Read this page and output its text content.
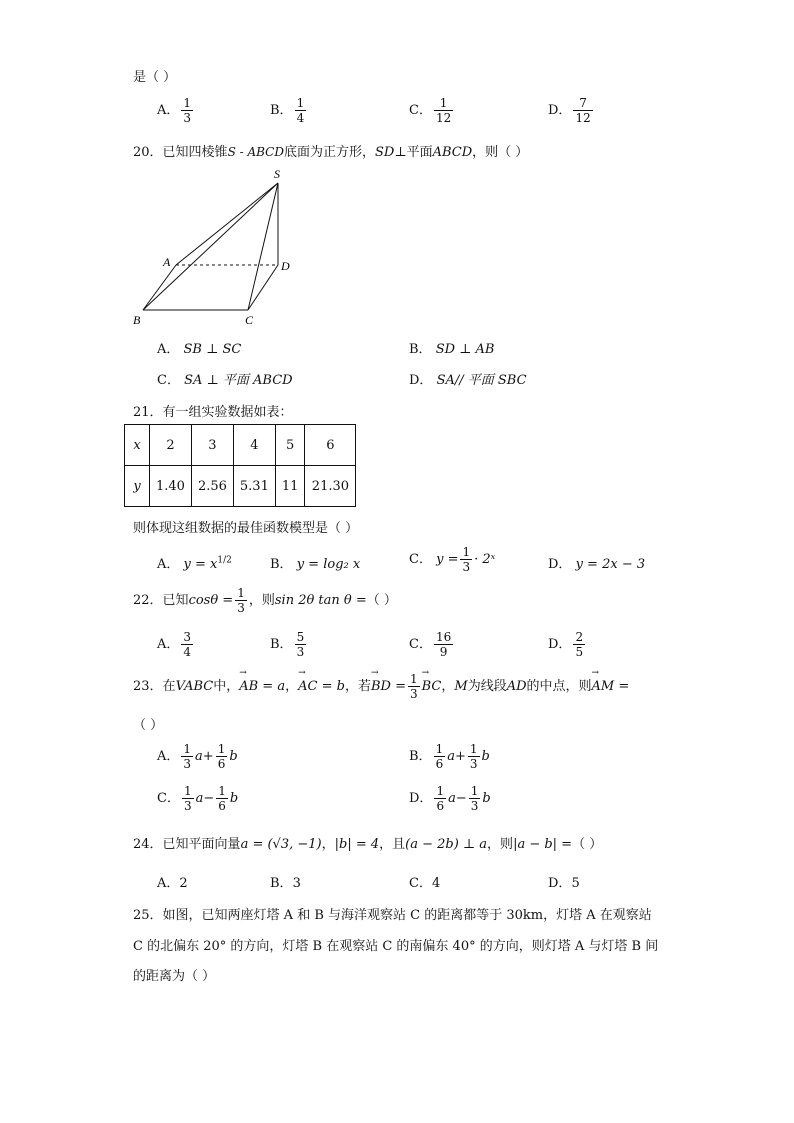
是（ ）
A． $\frac{1}{3}$	B． $\frac{1}{4}$	C． $\frac{1}{12}$	D． $\frac{7}{12}$
20．已知四棱锥S - ABCD底面为正方形，SD⊥平面ABCD，则（ ）
S
A	D
B	C
A． SB ⊥ SC	B． SD ⊥ AB
C． SA ⊥ 平面 ABCD	D． SA// 平面 SBC
21．有一组实验数据如表：
x	2	3	4	5	6
y	1.40	2.56	5.31	11	21.30
则体现这组数据的最佳函数模型是（ ）
A． $y = x^{1/2}$	B． y = log₂ x	C． $y = \frac{1}{3}$ · 2ˣ	D． y = 2x − 3
22．已知$\cos\theta = \frac{1}{3}$ ，则sin 2θ tan θ =（ ）
A． $\frac{3}{4}$	B． $\frac{5}{3}$	C． $\frac{16}{9}$	D． $\frac{2}{5}$
23．在VABC中，→ AB = a，→ AC = b，若→ BD = $\frac{1}{3}$ → BC，M为线段AD的中点，则→ AM =
（ ）
A． $\frac{1}{3} a+ \frac{1}{6}$ b	B． $\frac{1}{6} a+ \frac{1}{3}$ b
C． $\frac{1}{3} a- \frac{1}{6}$ b	D． $\frac{1}{6} a- \frac{1}{3}$ b
24．已知平面向量a = (√3, −1)，|b| = 4，且(a − 2b) ⊥ a，则|a − b| =（ ）
A．2	B．3	C．4	D．5
25．如图，已知两座灯塔 A 和 B 与海洋观察站 C 的距离都等于 30km，灯塔 A 在观察站
C 的北偏东 20° 的方向，灯塔 B 在观察站 C 的南偏东 40° 的方向，则灯塔 A 与灯塔 B 间
的距离为（ ）
